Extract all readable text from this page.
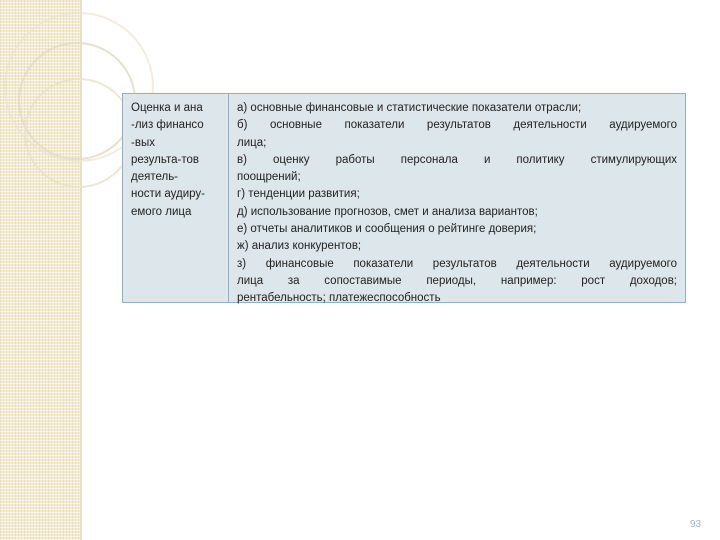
Оценка и ана
-лиз финансо
-вых
результа-тов
деятель-
ности аудиру-
емого лица
а) основные финансовые и статистические показатели отрасли;
б) основные показатели результатов деятельности аудируемого
лица;
в) оценку работы персонала и политику стимулирующих
поощрений;
г) тенденции развития;
д) использование прогнозов, смет и анализа вариантов;
е) отчеты аналитиков и сообщения о рейтинге доверия;
ж) анализ конкурентов;
з) финансовые показатели результатов деятельности аудируемого
лица за сопоставимые периоды, например: рост доходов;
рентабельность; платежеспособность
93
